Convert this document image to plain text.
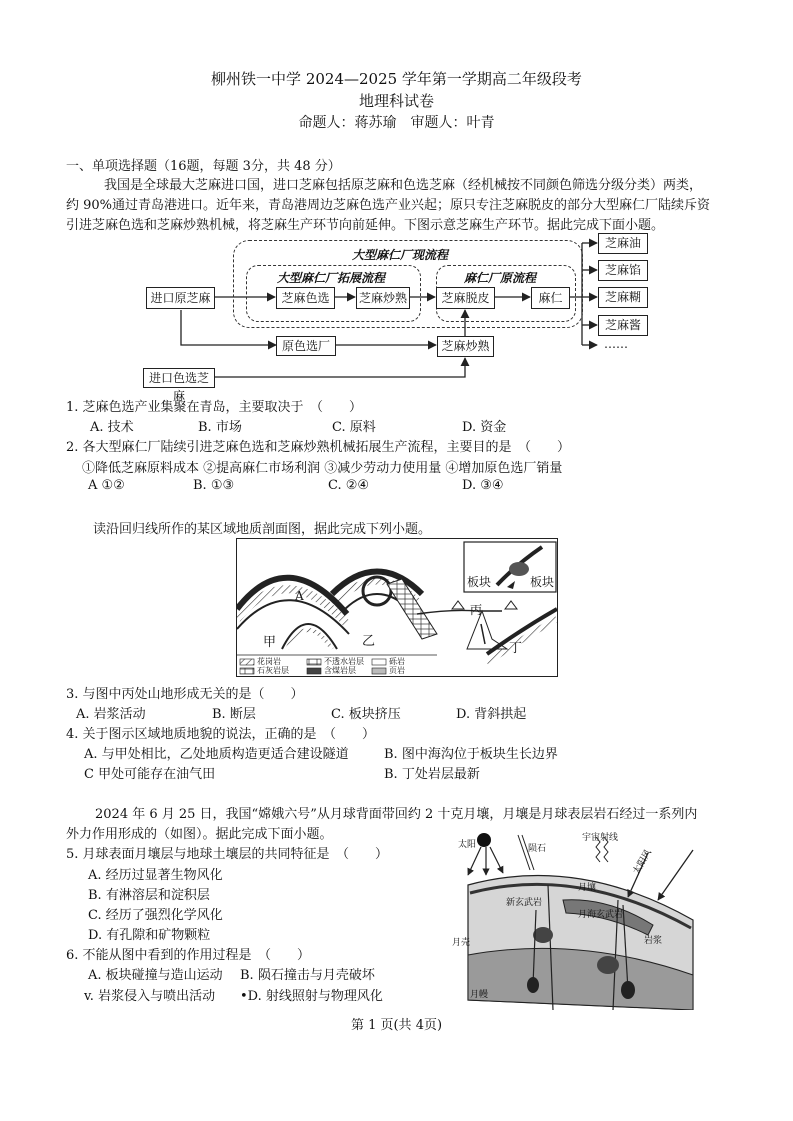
柳州铁一中学 2024—2025 学年第一学期高二年级段考
地理科试卷
命题人：蒋苏瑜　审题人：叶青
一、单项选择题（16题，每题 3分，共 48 分）
我国是全球最大芝麻进口国，进口芝麻包括原芝麻和色选芝麻（经机械按不同颜色筛选分级分类）两类，
约 90%通过青岛港进口。近年来，青岛港周边芝麻色选产业兴起；原只专注芝麻脱皮的部分大型麻仁厂陆续斥资
引进芝麻色选和芝麻炒熟机械，将芝麻生产环节向前延伸。下图示意芝麻生产环节。据此完成下面小题。
大型麻仁厂现流程
大型麻仁厂拓展流程	麻仁厂原流程
进口原芝麻	芝麻色选	芝麻炒熟	芝麻脱皮	麻仁
原色选厂	芝麻炒熟
进口色选芝麻
芝麻油
芝麻馅
芝麻糊
芝麻酱
……
1. 芝麻色选产业集聚在青岛，主要取决于　（　　）
A. 技术	B. 市场	C. 原料	D. 资金
2. 各大型麻仁厂陆续引进芝麻色选和芝麻炒熟机械拓展生产流程，主要目的是　（　　）
①降低芝麻原料成本 ②提高麻仁市场利润 ③减少劳动力使用量 ④增加原色选厂销量
A ①②	B. ①③	C. ②④	D. ③④
读沿回归线所作的某区域地质剖面图，据此完成下列小题。
A
甲	乙
丙
丁
板块	板块
花岗岩	不透水岩层	砾岩
石灰岩层	含煤岩层	页岩
3. 与图中丙处山地形成无关的是（　　）
A. 岩浆活动	B. 断层	C. 板块挤压	D. 背斜拱起
4. 关于图示区域地质地貌的说法，正确的是　（　　）
A. 与甲处相比，乙处地质构造更适合建设隧道	B. 图中海沟位于板块生长边界
C 甲处可能存在油气田	B. 丁处岩层最新
2024 年 6 月 25 日，我国“嫦娥六号”从月球背面带回约 2 十克月壤，月壤是月球表层岩石经过一系列内
外力作用形成的（如图）。据此完成下面小题。
5. 月球表面月壤层与地球土壤层的共同特征是　（　　）
A. 经历过显著生物风化
B. 有淋溶层和淀积层
C. 经历了强烈化学风化
D. 有孔隙和矿物颗粒
6. 不能从图中看到的作用过程是　（　　）
A. 板块碰撞与造山运动 B. 陨石撞击与月壳破坏
v. 岩浆侵入与喷出活动 •D. 射线照射与物理风化
太阳	陨石
宇宙射线
太阳风
月壤
新玄武岩
月海玄武岩
月壳	岩浆
月幔
第 1 页(共 4页)
